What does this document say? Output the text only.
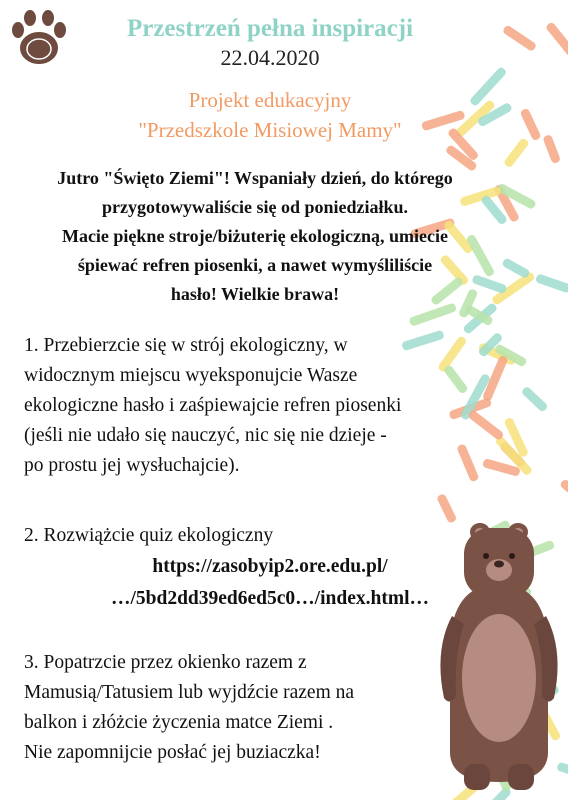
Przestrzeń pełna inspiracji
22.04.2020
Projekt edukacyjny
"Przedszkole Misiowej Mamy"
Jutro "Święto Ziemi"! Wspaniały dzień, do którego
przygotowywaliście się od poniedziałku.
Macie piękne stroje/biżuterię ekologiczną, umiecie
śpiewać refren piosenki, a nawet wymyśliliście
hasło! Wielkie brawa!
1. Przebierzcie się w strój ekologiczny, w
widocznym miejscu wyeksponujcie Wasze
ekologiczne hasło i zaśpiewajcie refren piosenki
(jeśli nie udało się nauczyć, nic się nie dzieje -
po prostu jej wysłuchajcie).
2. Rozwiążcie quiz ekologiczny
https://zasobyip2.ore.edu.pl/
…/5bd2dd39ed6ed5c0…/index.html…
3. Popatrzcie przez okienko razem z
Mamusią/Tatusiem lub wyjdźcie razem na
balkon i złóżcie życzenia matce Ziemi .
Nie zapomnijcie posłać jej buziaczka!
